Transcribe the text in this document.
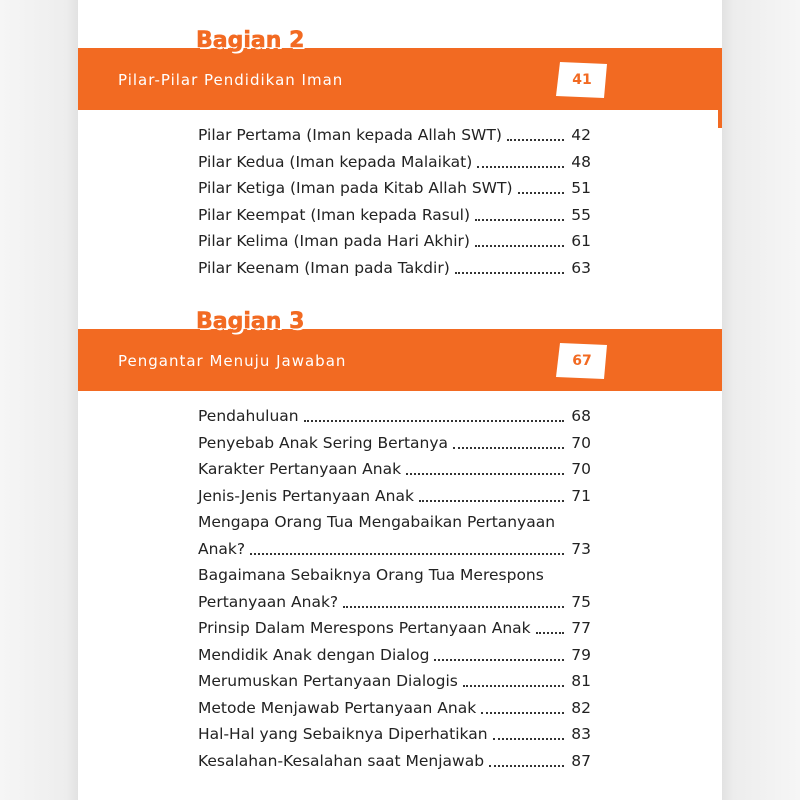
Bagian 2
Pilar-Pilar Pendidikan Iman	41
Pilar Pertama (Iman kepada Allah SWT)	42
Pilar Kedua (Iman kepada Malaikat)	48
Pilar Ketiga (Iman pada Kitab Allah SWT)	51
Pilar Keempat (Iman kepada Rasul)	55
Pilar Kelima (Iman pada Hari Akhir)	61
Pilar Keenam (Iman pada Takdir)	63
Bagian 3
Pengantar Menuju Jawaban	67
Pendahuluan	68
Penyebab Anak Sering Bertanya	70
Karakter Pertanyaan Anak	70
Jenis-Jenis Pertanyaan Anak	71
Mengapa Orang Tua Mengabaikan Pertanyaan
Anak?	73
Bagaimana Sebaiknya Orang Tua Merespons
Pertanyaan Anak?	75
Prinsip Dalam Merespons Pertanyaan Anak	77
Mendidik Anak dengan Dialog	79
Merumuskan Pertanyaan Dialogis	81
Metode Menjawab Pertanyaan Anak	82
Hal-Hal yang Sebaiknya Diperhatikan	83
Kesalahan-Kesalahan saat Menjawab	87
